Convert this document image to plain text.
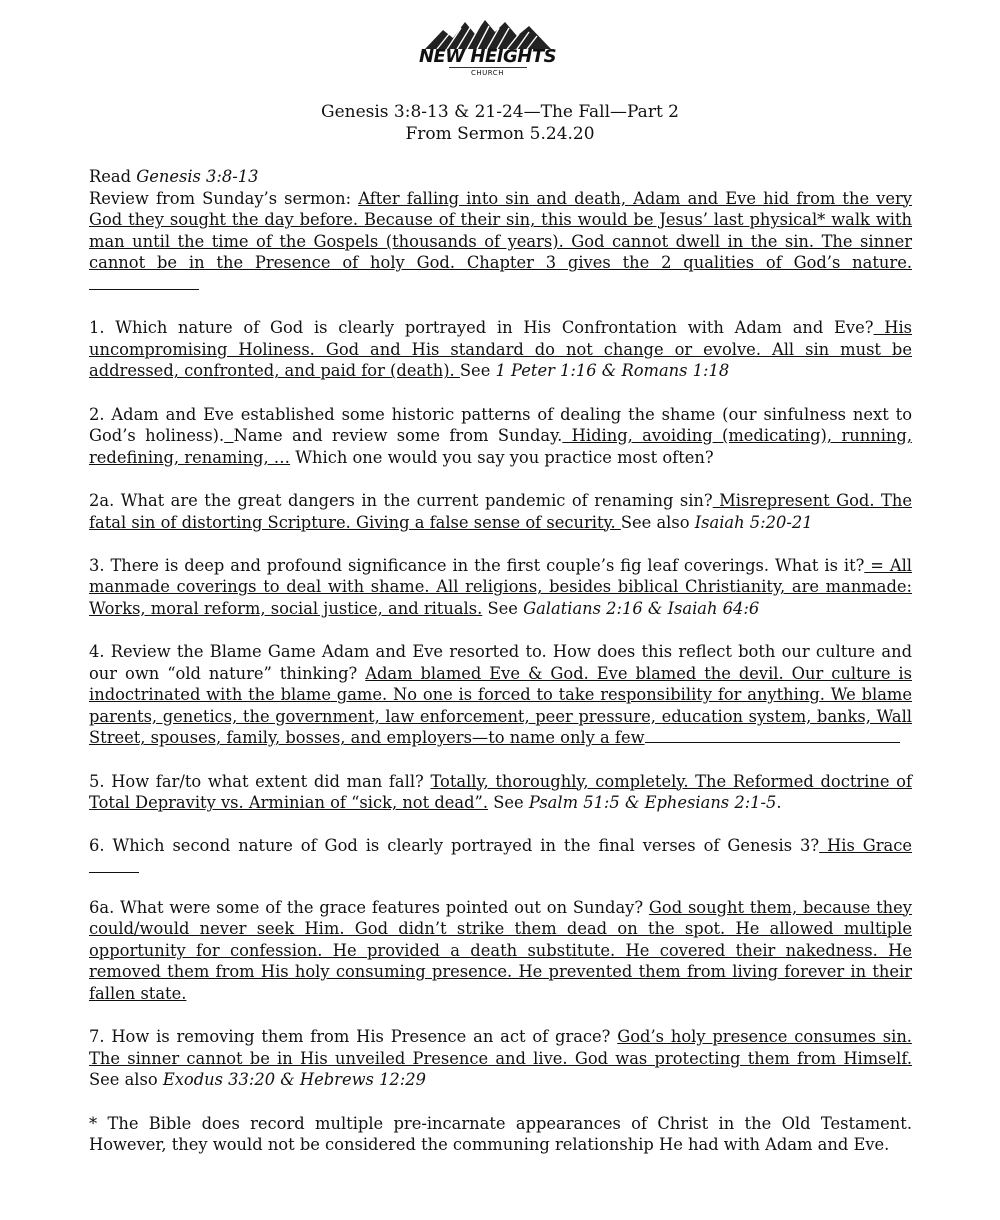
NEW HEIGHTS
CHURCH
Genesis 3:8-13 & 21-24—The Fall—Part 2
From Sermon 5.24.20

Read Genesis 3:8-13
Review from Sunday’s sermon: After falling into sin and death, Adam and Eve hid from the very God they sought the day before. Because of their sin, this would be Jesus’ last physical* walk with man until the time of the Gospels (thousands of years). God cannot dwell in the sin. The sinner cannot be in the Presence of holy God. Chapter 3 gives the 2 qualities of God’s nature.

1. Which nature of God is clearly portrayed in His Confrontation with Adam and Eve? His uncompromising Holiness. God and His standard do not change or evolve. All sin must be addressed, confronted, and paid for (death). See 1 Peter 1:16 & Romans 1:18

2. Adam and Eve established some historic patterns of dealing the shame (our sinfulness next to God’s holiness). Name and review some from Sunday. Hiding, avoiding (medicating), running, redefining, renaming, … Which one would you say you practice most often?

2a. What are the great dangers in the current pandemic of renaming sin? Misrepresent God. The fatal sin of distorting Scripture. Giving a false sense of security. See also Isaiah 5:20-21

3. There is deep and profound significance in the first couple’s fig leaf coverings. What is it? = All manmade coverings to deal with shame. All religions, besides biblical Christianity, are manmade: Works, moral reform, social justice, and rituals. See Galatians 2:16 & Isaiah 64:6

4. Review the Blame Game Adam and Eve resorted to. How does this reflect both our culture and our own “old nature” thinking? Adam blamed Eve & God. Eve blamed the devil. Our culture is indoctrinated with the blame game. No one is forced to take responsibility for anything. We blame parents, genetics, the government, law enforcement, peer pressure, education system, banks, Wall Street, spouses, family, bosses, and employers—to name only a few

5. How far/to what extent did man fall? Totally, thoroughly, completely. The Reformed doctrine of Total Depravity vs. Arminian of “sick, not dead”. See Psalm 51:5 & Ephesians 2:1-5.

6. Which second nature of God is clearly portrayed in the final verses of Genesis 3? His Grace

6a. What were some of the grace features pointed out on Sunday? God sought them, because they could/would never seek Him. God didn’t strike them dead on the spot. He allowed multiple opportunity for confession. He provided a death substitute. He covered their nakedness. He removed them from His holy consuming presence. He prevented them from living forever in their fallen state.

7. How is removing them from His Presence an act of grace? God’s holy presence consumes sin. The sinner cannot be in His unveiled Presence and live. God was protecting them from Himself. See also Exodus 33:20 & Hebrews 12:29

* The Bible does record multiple pre-incarnate appearances of Christ in the Old Testament. However, they would not be considered the communing relationship He had with Adam and Eve.
